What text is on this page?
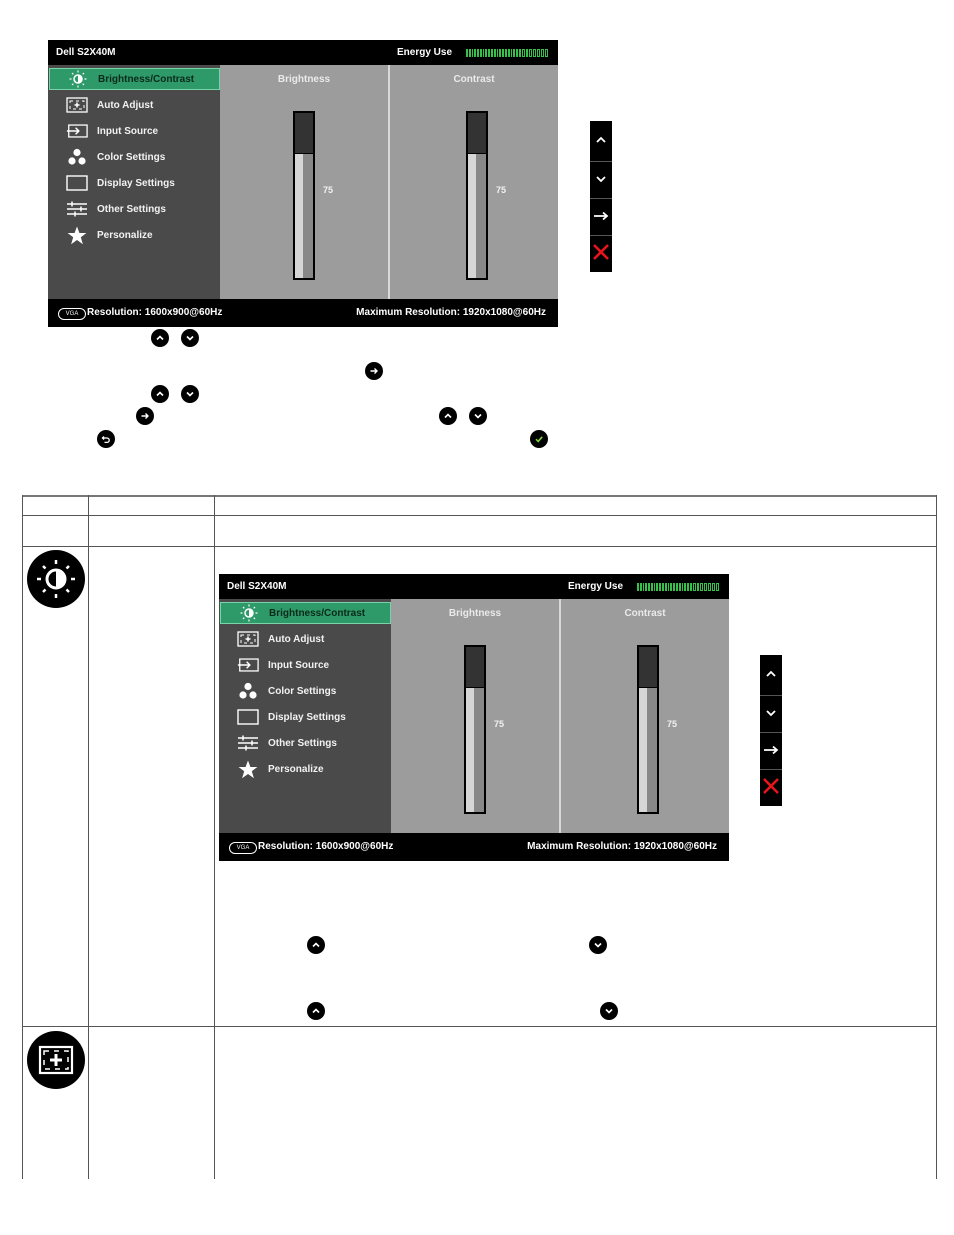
Dell S2X40M	Energy Use
Brightness/Contrast
Auto Adjust
Input Source
Color Settings
Display Settings
Other Settings
Personalize
Brightness
75
Contrast
75
VGA Resolution: 1600x900@60Hz	Maximum Resolution: 1920x1080@60Hz
Dell S2X40M	Energy Use
Brightness/Contrast
Auto Adjust
Input Source
Color Settings
Display Settings
Other Settings
Personalize
Brightness
75
Contrast
75
VGA Resolution: 1600x900@60Hz	Maximum Resolution: 1920x1080@60Hz
